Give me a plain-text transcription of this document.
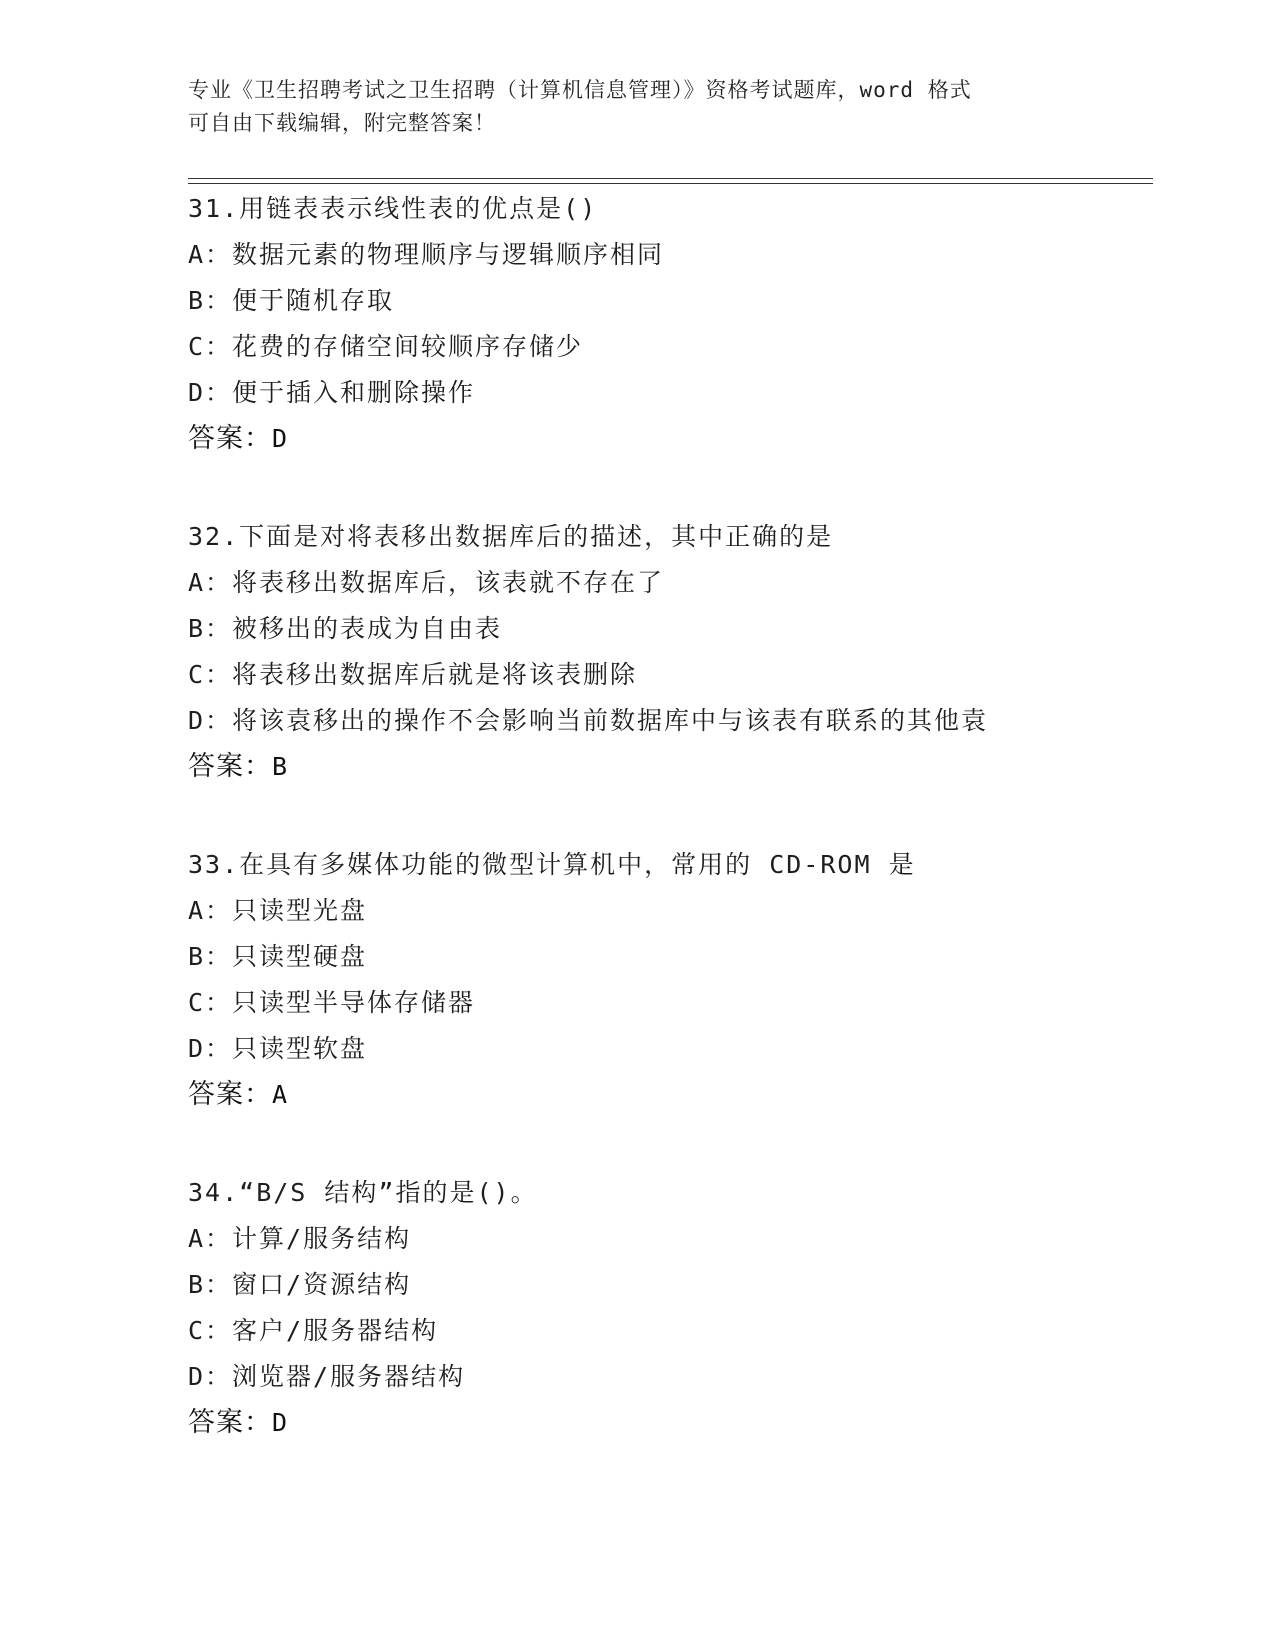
专业《卫生招聘考试之卫生招聘（计算机信息管理）》资格考试题库，word 格式
可自由下载编辑，附完整答案！
31.用链表表示线性表的优点是()
A：数据元素的物理顺序与逻辑顺序相同
B：便于随机存取
C：花费的存储空间较顺序存储少
D：便于插入和删除操作
答案：D
32.下面是对将表移出数据库后的描述，其中正确的是
A：将表移出数据库后，该表就不存在了
B：被移出的表成为自由表
C：将表移出数据库后就是将该表删除
D：将该袁移出的操作不会影响当前数据库中与该表有联系的其他袁
答案：B
33.在具有多媒体功能的微型计算机中，常用的 CD-ROM 是
A：只读型光盘
B：只读型硬盘
C：只读型半导体存储器
D：只读型软盘
答案：A
34.“B/S 结构”指的是()。
A：计算/服务结构
B：窗口/资源结构
C：客户/服务器结构
D：浏览器/服务器结构
答案：D
